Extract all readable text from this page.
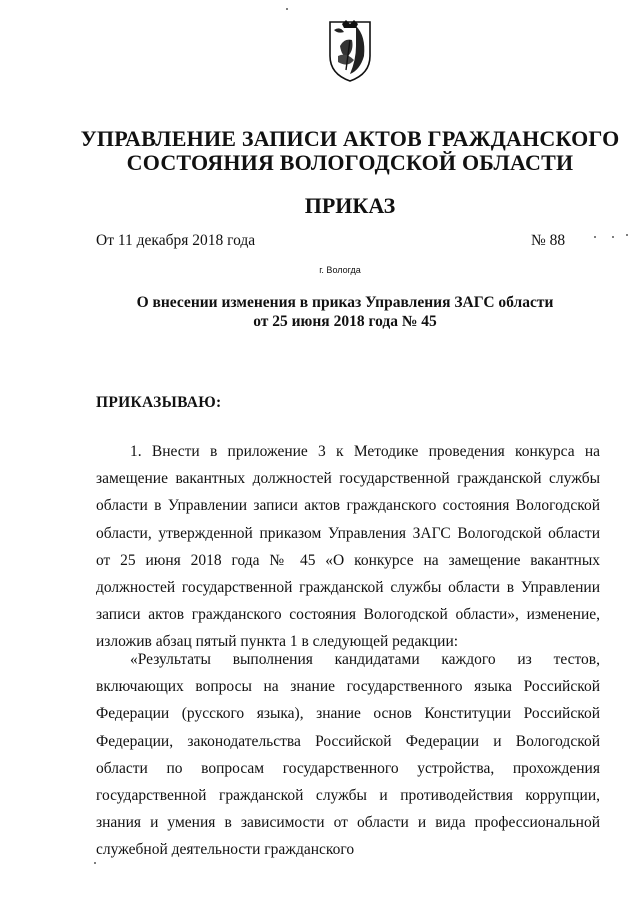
УПРАВЛЕНИЕ ЗАПИСИ АКТОВ ГРАЖДАНСКОГО
СОСТОЯНИЯ ВОЛОГОДСКОЙ ОБЛАСТИ
ПРИКАЗ
От 11 декабря 2018 года	№ 88
г. Вологда
О внесении изменения в приказ Управления ЗАГС области
от 25 июня 2018 года № 45
ПРИКАЗЫВАЮ:

1. Внести в приложение 3 к Методике проведения конкурса на замещение вакантных должностей государственной гражданской службы области в Управлении записи актов гражданского состояния Вологодской области, утвержденной приказом Управления ЗАГС Вологодской области от 25 июня 2018 года № 45 «О конкурсе на замещение вакантных должностей государственной гражданской службы области в Управлении записи актов гражданского состояния Вологодской области», изменение, изложив абзац пятый пункта 1 в следующей редакции:

«Результаты выполнения кандидатами каждого из тестов, включающих вопросы на знание государственного языка Российской Федерации (русского языка), знание основ Конституции Российской Федерации, законодательства Российской Федерации и Вологодской области по вопросам государственного устройства, прохождения государственной гражданской службы и противодействия коррупции, знания и умения в зависимости от области и вида профессиональной служебной деятельности гражданского
